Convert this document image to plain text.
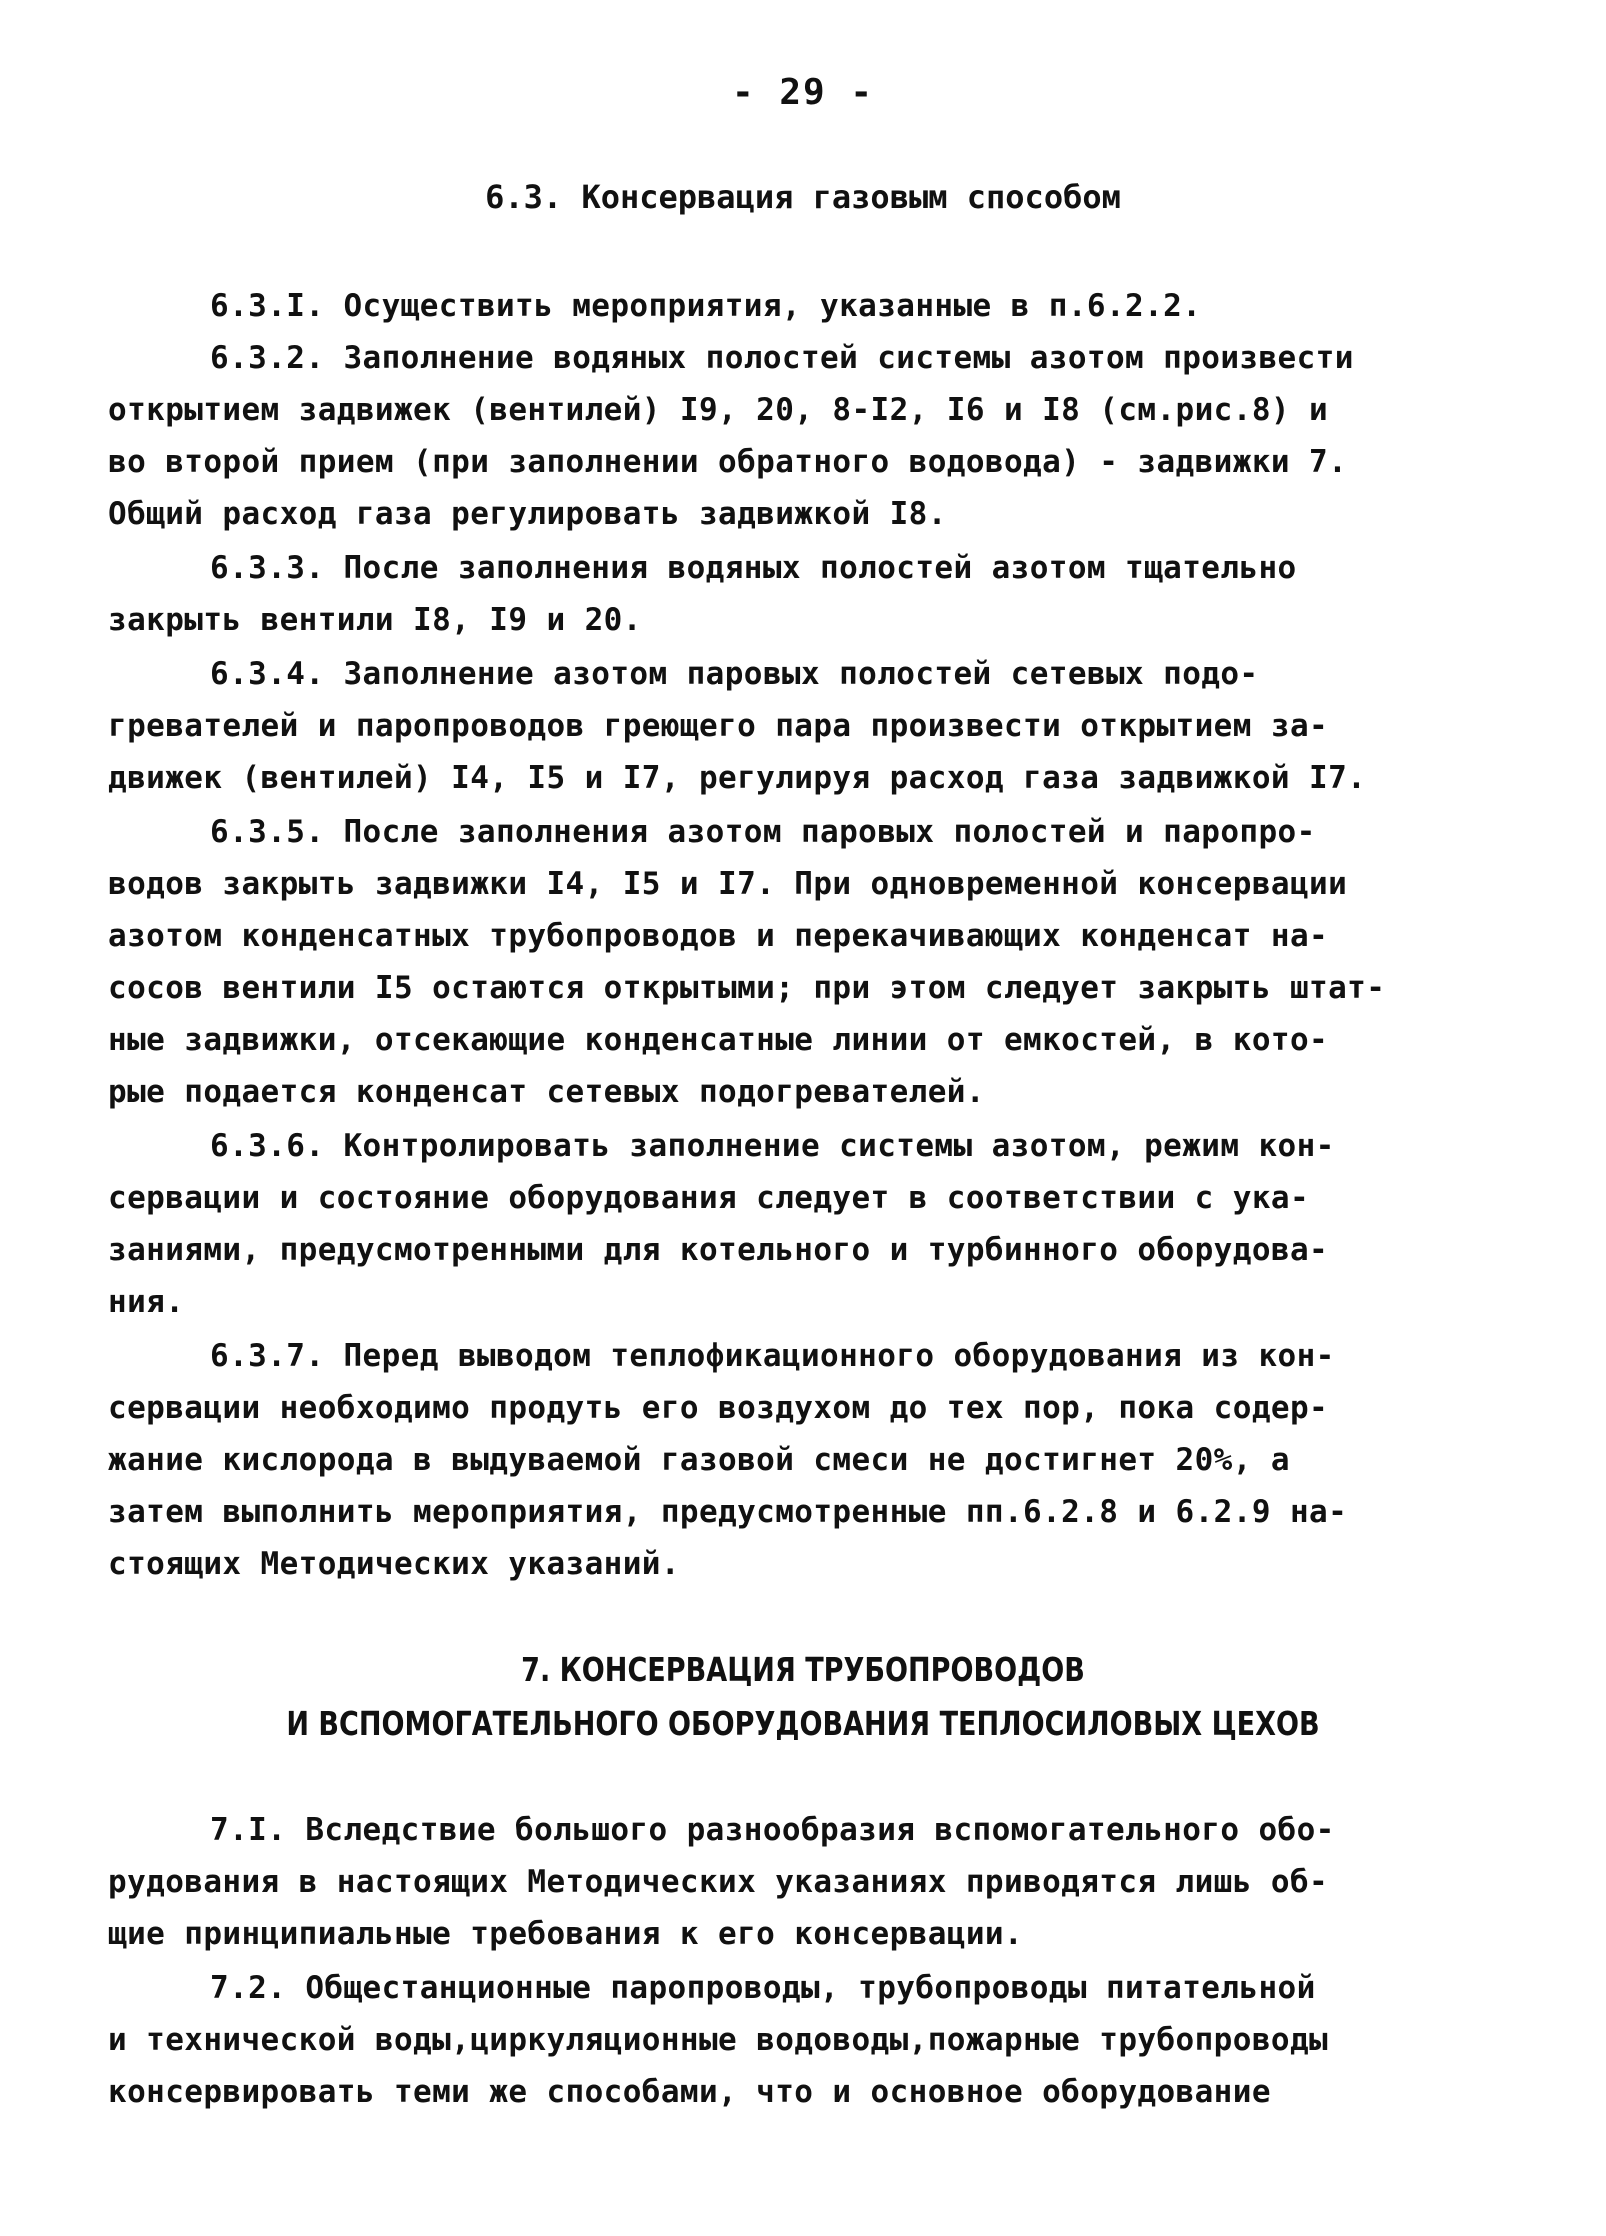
- 29 -
6.3. Консервация газовым способом
6.3.I. Осуществить мероприятия, указанные в п.6.2.2.
6.3.2. Заполнение водяных полостей системы азотом произвести
открытием задвижек (вентилей) I9, 20, 8-I2, I6 и I8 (см.рис.8) и
во второй прием (при заполнении обратного водовода) - задвижки 7.
Общий расход газа регулировать задвижкой I8.
6.3.3. После заполнения водяных полостей азотом тщательно
закрыть вентили I8, I9 и 20.
6.3.4. Заполнение азотом паровых полостей сетевых подо-
гревателей и паропроводов греющего пара произвести открытием за-
движек (вентилей) I4, I5 и I7, регулируя расход газа задвижкой I7.
6.3.5. После заполнения азотом паровых полостей и паропро-
водов закрыть задвижки I4, I5 и I7. При одновременной консервации
азотом конденсатных трубопроводов и перекачивающих конденсат на-
сосов вентили I5 остаются открытыми; при этом следует закрыть штат-
ные задвижки, отсекающие конденсатные линии от емкостей, в кото-
рые подается конденсат сетевых подогревателей.
6.3.6. Контролировать заполнение системы азотом, режим кон-
сервации и состояние оборудования следует в соответствии с ука-
заниями, предусмотренными для котельного и турбинного оборудова-
ния.
6.3.7. Перед выводом теплофикационного оборудования из кон-
сервации необходимо продуть его воздухом до тех пор, пока содер-
жание кислорода в выдуваемой газовой смеси не достигнет 20%, а
затем выполнить мероприятия, предусмотренные пп.6.2.8 и 6.2.9 на-
стоящих Методических указаний.
7. КОНСЕРВАЦИЯ ТРУБОПРОВОДОВ
И ВСПОМОГАТЕЛЬНОГО ОБОРУДОВАНИЯ ТЕПЛОСИЛОВЫХ ЦЕХОВ
7.I. Вследствие большого разнообразия вспомогательного обо-
рудования в настоящих Методических указаниях приводятся лишь об-
щие принципиальные требования к его консервации.
7.2. Общестанционные паропроводы, трубопроводы питательной
и технической воды,циркуляционные водоводы,пожарные трубопроводы
консервировать теми же способами, что и основное оборудование
